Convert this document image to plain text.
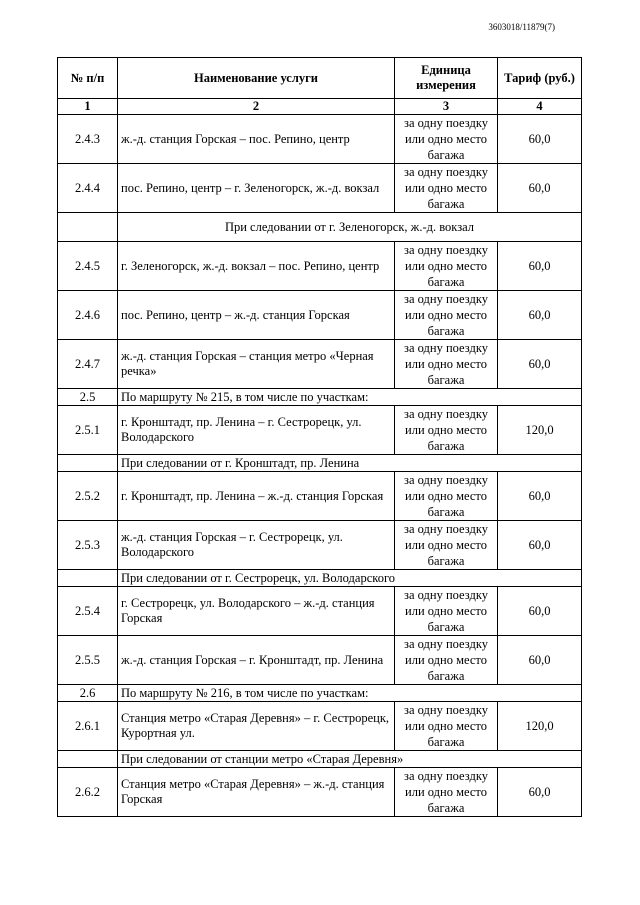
3603018/11879(7)
№ п/п	Наименование услуги	Единица измерения	Тариф (руб.)
1	2	3	4
2.4.3	ж.-д. станция Горская – пос. Репино, центр	за одну поездку или одно место багажа	60,0
2.4.4	пос. Репино, центр – г. Зеленогорск, ж.-д. вокзал	за одну поездку или одно место багажа	60,0
	При следовании от г. Зеленогорск, ж.-д. вокзал		
2.4.5	г. Зеленогорск, ж.-д. вокзал – пос. Репино, центр	за одну поездку или одно место багажа	60,0
2.4.6	пос. Репино, центр – ж.-д. станция Горская	за одну поездку или одно место багажа	60,0
2.4.7	ж.-д. станция Горская – станция метро «Черная речка»	за одну поездку или одно место багажа	60,0
2.5	По маршруту № 215, в том числе по участкам:		
2.5.1	г. Кронштадт, пр. Ленина – г. Сестрорецк, ул. Володарского	за одну поездку или одно место багажа	120,0
	При следовании от г. Кронштадт, пр. Ленина		
2.5.2	г. Кронштадт, пр. Ленина – ж.-д. станция Горская	за одну поездку или одно место багажа	60,0
2.5.3	ж.-д. станция Горская – г. Сестрорецк, ул. Володарского	за одну поездку или одно место багажа	60,0
	При следовании от г. Сестрорецк, ул. Володарского		
2.5.4	г. Сестрорецк, ул. Володарского – ж.-д. станция Горская	за одну поездку или одно место багажа	60,0
2.5.5	ж.-д. станция Горская – г. Кронштадт, пр. Ленина	за одну поездку или одно место багажа	60,0
2.6	По маршруту № 216, в том числе по участкам:		
2.6.1	Станция метро «Старая Деревня» – г. Сестрорецк, Курортная ул.	за одну поездку или одно место багажа	120,0
	При следовании от станции метро «Старая Деревня»		
2.6.2	Станция метро «Старая Деревня» – ж.-д. станция Горская	за одну поездку или одно место багажа	60,0
